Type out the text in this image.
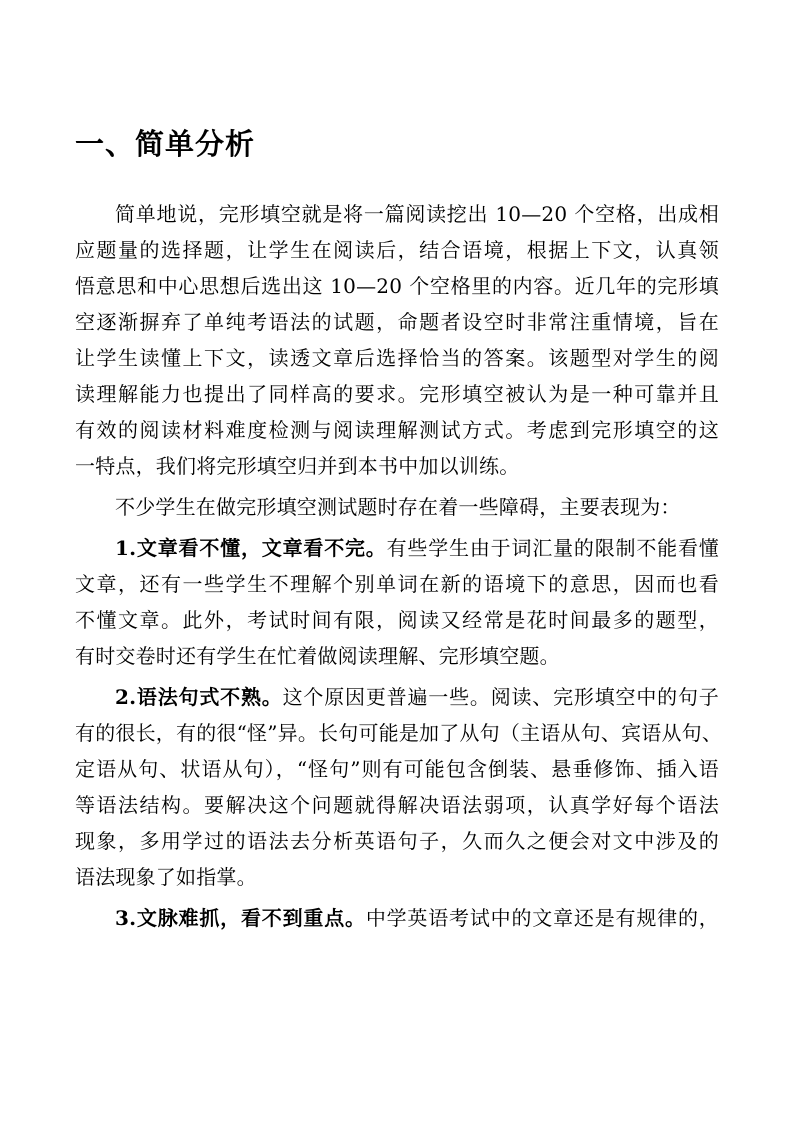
一、简单分析
简单地说，完形填空就是将一篇阅读挖出 10—20 个空格，出成相
应题量的选择题，让学生在阅读后，结合语境，根据上下文，认真领
悟意思和中心思想后选出这 10—20 个空格里的内容。近几年的完形填
空逐渐摒弃了单纯考语法的试题，命题者设空时非常注重情境，旨在
让学生读懂上下文，读透文章后选择恰当的答案。该题型对学生的阅
读理解能力也提出了同样高的要求。完形填空被认为是一种可靠并且
有效的阅读材料难度检测与阅读理解测试方式。考虑到完形填空的这
一特点，我们将完形填空归并到本书中加以训练。
不少学生在做完形填空测试题时存在着一些障碍，主要表现为：
1.文章看不懂，文章看不完。有些学生由于词汇量的限制不能看懂
文章，还有一些学生不理解个别单词在新的语境下的意思，因而也看
不懂文章。此外，考试时间有限，阅读又经常是花时间最多的题型，
有时交卷时还有学生在忙着做阅读理解、完形填空题。
2.语法句式不熟。这个原因更普遍一些。阅读、完形填空中的句子
有的很长，有的很“怪”异。长句可能是加了从句（主语从句、宾语从句、
定语从句、状语从句），“怪句”则有可能包含倒装、悬垂修饰、插入语
等语法结构。要解决这个问题就得解决语法弱项，认真学好每个语法
现象，多用学过的语法去分析英语句子，久而久之便会对文中涉及的
语法现象了如指掌。
3.文脉难抓，看不到重点。中学英语考试中的文章还是有规律的，
